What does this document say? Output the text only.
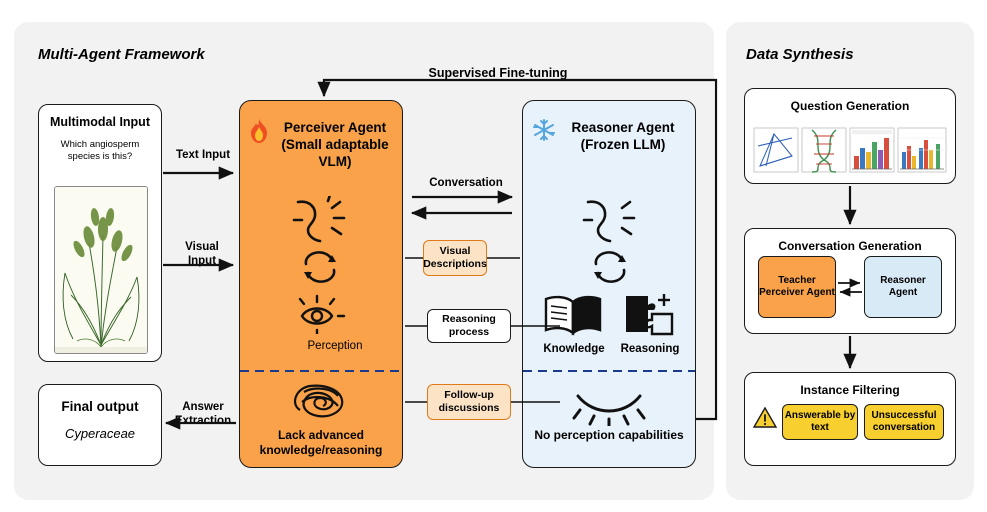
Multi-Agent Framework	Data Synthesis
Multimodal Input
Which angiosperm species is this?
Final output
Cyperaceae
Perceiver Agent
(Small adaptable VLM)
Perception
Lack advanced knowledge/reasoning
Reasoner Agent
(Frozen LLM)
Knowledge	Reasoning
No perception capabilities
Visual Descriptions
Reasoning process
Follow-up discussions
Text Input
Visual Input
Answer Extraction
Conversation
Supervised Fine-tuning
Question Generation
Conversation Generation
Teacher Perceiver Agent
Reasoner Agent
Instance Filtering
Answerable by text
Unsuccessful conversation
